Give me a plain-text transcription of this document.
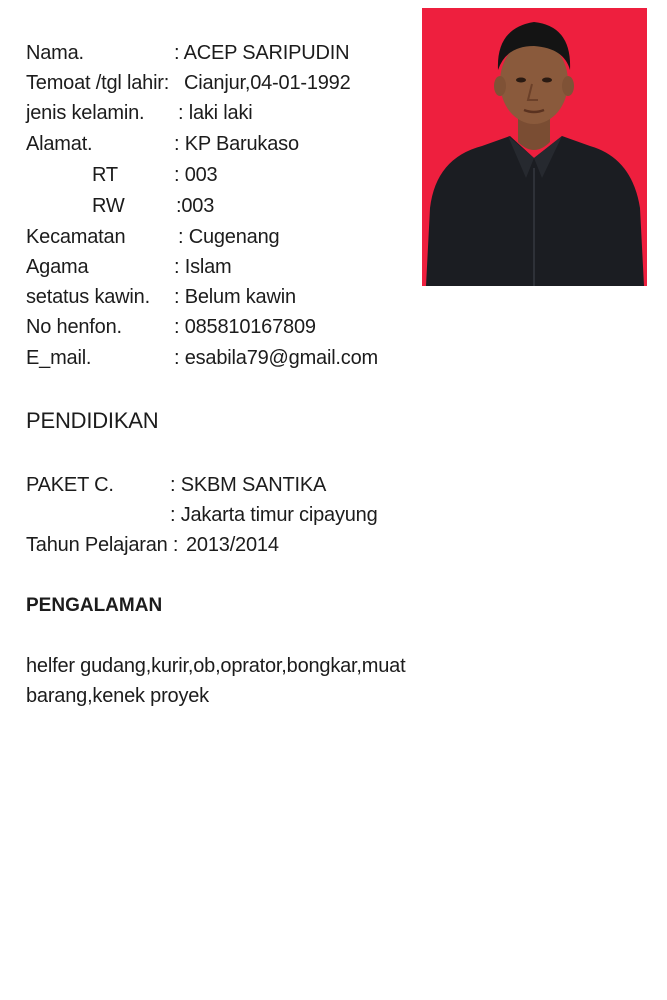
Nama.	: ACEP SARIPUDIN
Temoat /tgl lahir: Cianjur,04-01-1992
jenis kelamin. : laki laki
Alamat.	: KP Barukaso
RT	: 003
RW	:003
Kecamatan	: Cugenang
Agama	: Islam
setatus kawin. : Belum kawin
No henfon.	: 085810167809
E_mail.	: esabila79@gmail.com
PENDIDIKAN
PAKET C.	: SKBM SANTIKA
: Jakarta timur cipayung
Tahun Pelajaran : 2013/2014
PENGALAMAN
helfer gudang,kurir,ob,oprator,bongkar,muat
barang,kenek proyek
